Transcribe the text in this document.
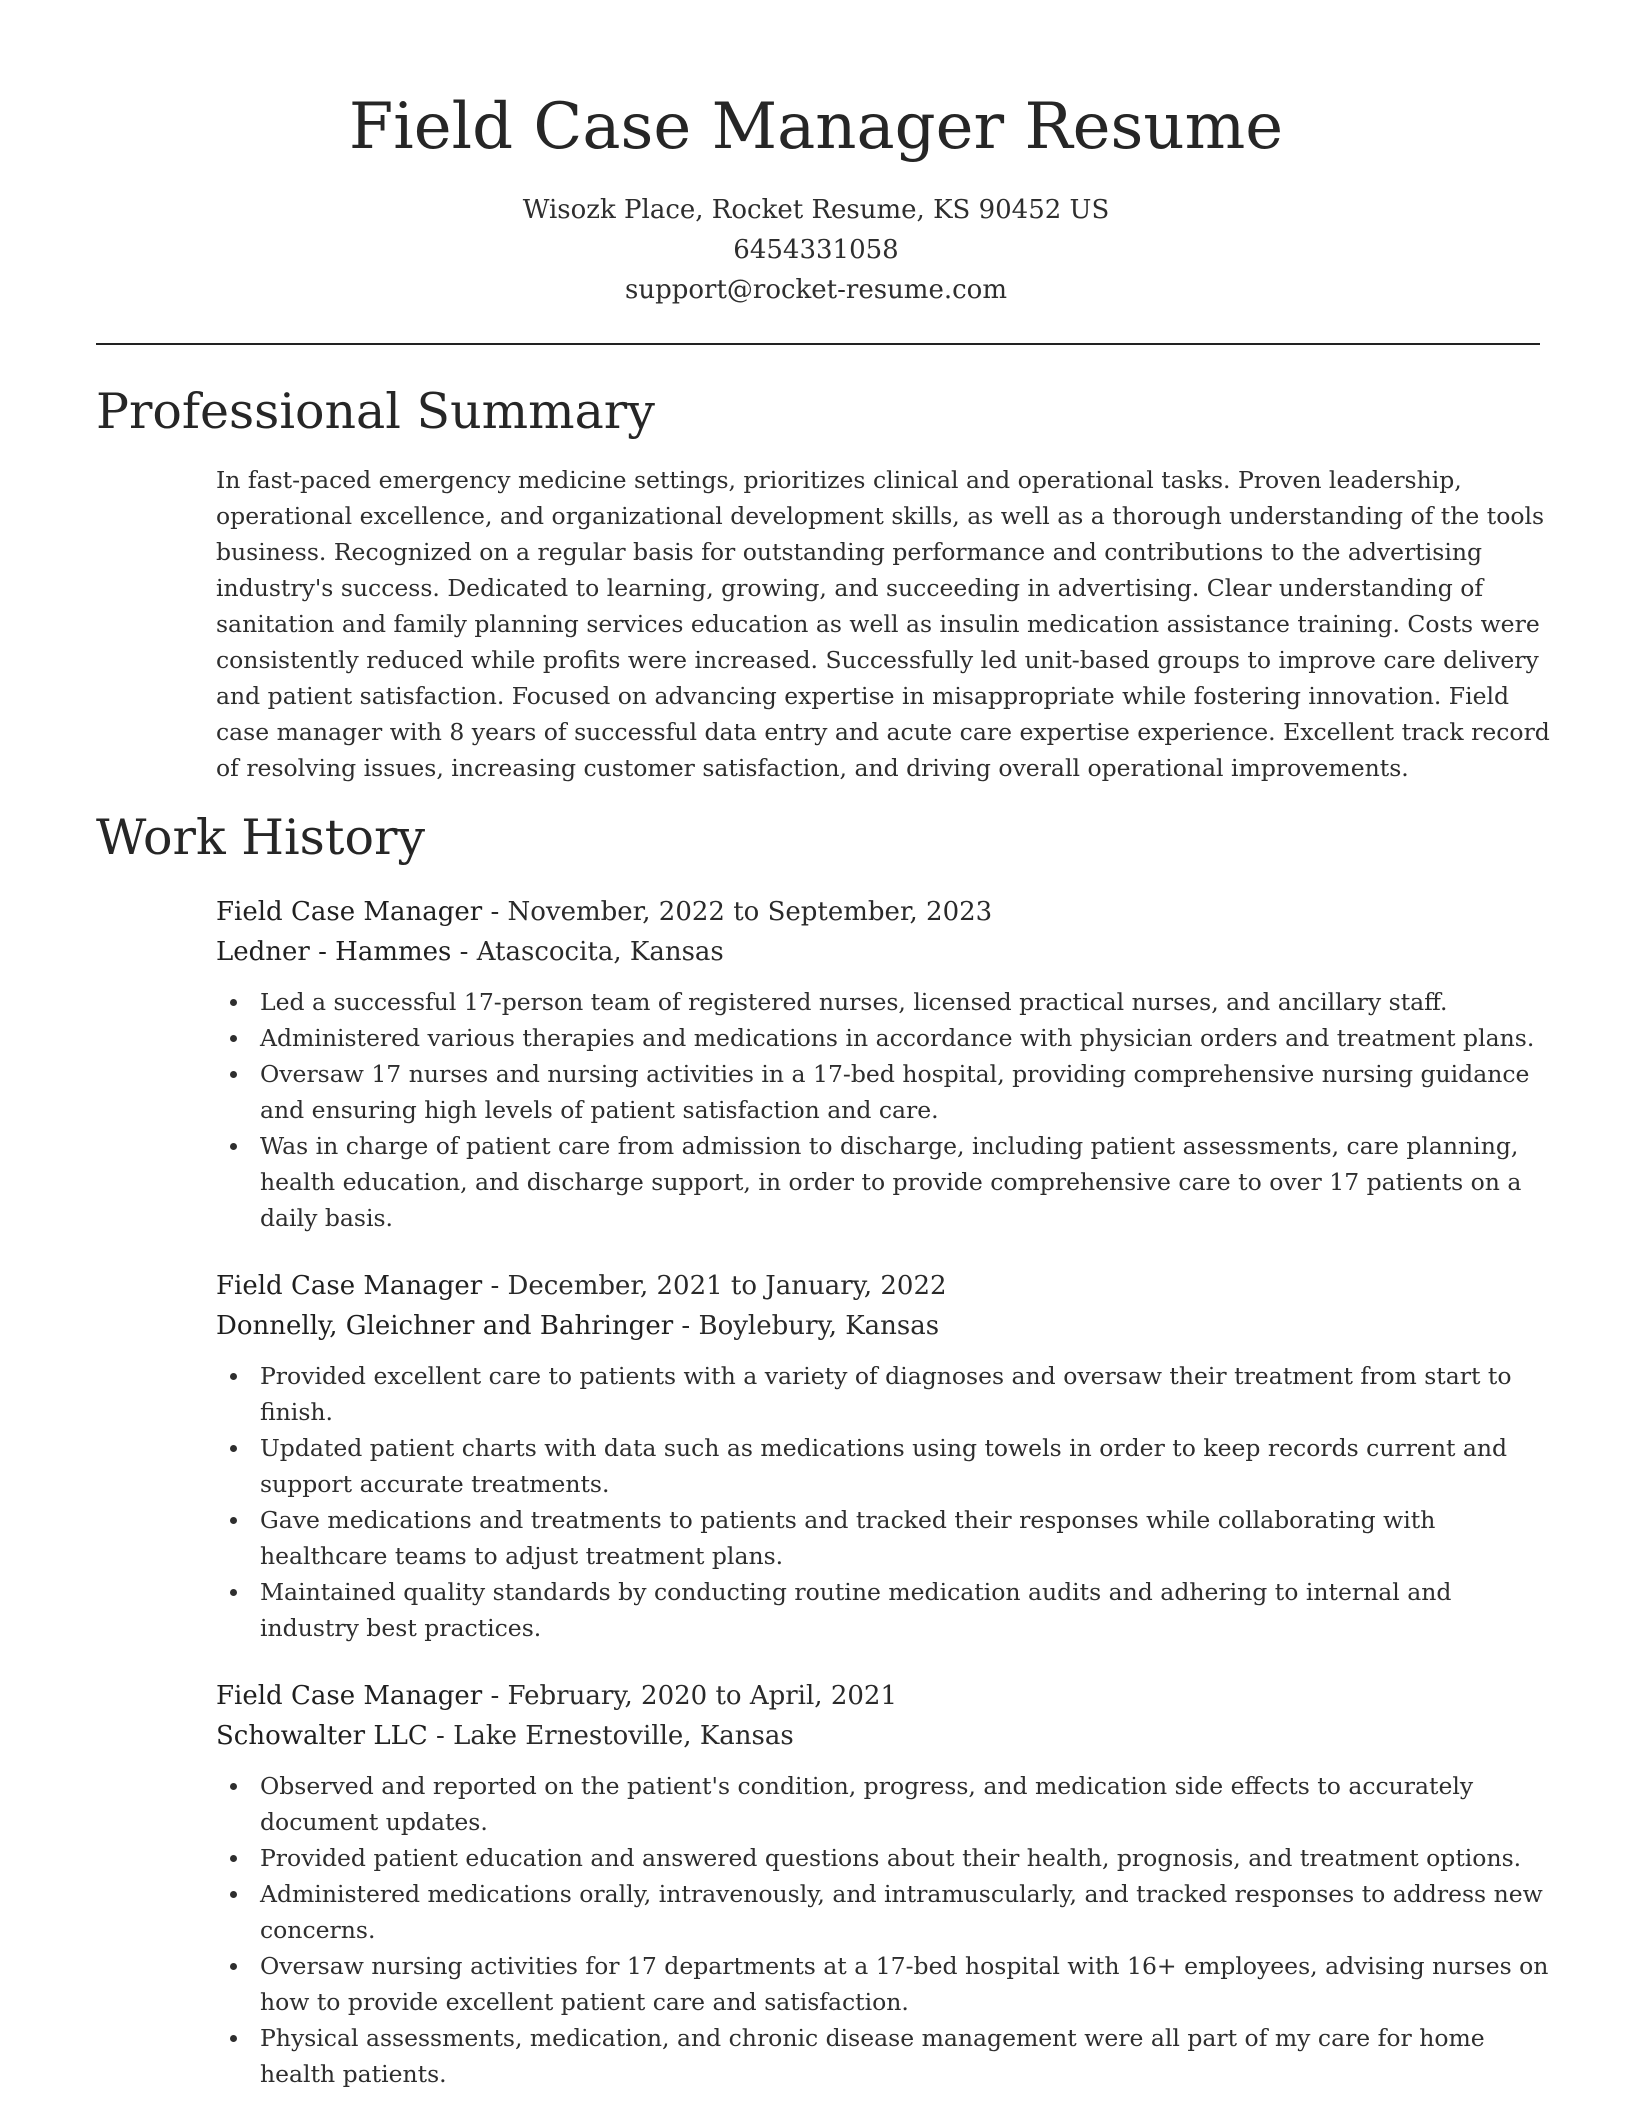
Field Case Manager Resume
Wisozk Place, Rocket Resume, KS 90452 US
6454331058
support@rocket-resume.com
Professional Summary

In fast-paced emergency medicine settings, prioritizes clinical and operational tasks. Proven leadership, operational excellence, and organizational development skills, as well as a thorough understanding of the tools business. Recognized on a regular basis for outstanding performance and contributions to the advertising industry's success. Dedicated to learning, growing, and succeeding in advertising. Clear understanding of sanitation and family planning services education as well as insulin medication assistance training. Costs were consistently reduced while profits were increased. Successfully led unit-based groups to improve care delivery and patient satisfaction. Focused on advancing expertise in misappropriate while fostering innovation. Field case manager with 8 years of successful data entry and acute care expertise experience. Excellent track record of resolving issues, increasing customer satisfaction, and driving overall operational improvements.

Work History
Field Case Manager - November, 2022 to September, 2023
Ledner - Hammes - Atascocita, Kansas
Led a successful 17-person team of registered nurses, licensed practical nurses, and ancillary staff.
Administered various therapies and medications in accordance with physician orders and treatment plans.
Oversaw 17 nurses and nursing activities in a 17-bed hospital, providing comprehensive nursing guidance and ensuring high levels of patient satisfaction and care.
Was in charge of patient care from admission to discharge, including patient assessments, care planning, health education, and discharge support, in order to provide comprehensive care to over 17 patients on a daily basis.
Field Case Manager - December, 2021 to January, 2022
Donnelly, Gleichner and Bahringer - Boylebury, Kansas
Provided excellent care to patients with a variety of diagnoses and oversaw their treatment from start to finish.
Updated patient charts with data such as medications using towels in order to keep records current and support accurate treatments.
Gave medications and treatments to patients and tracked their responses while collaborating with healthcare teams to adjust treatment plans.
Maintained quality standards by conducting routine medication audits and adhering to internal and industry best practices.
Field Case Manager - February, 2020 to April, 2021
Schowalter LLC - Lake Ernestoville, Kansas
Observed and reported on the patient's condition, progress, and medication side effects to accurately document updates.
Provided patient education and answered questions about their health, prognosis, and treatment options.
Administered medications orally, intravenously, and intramuscularly, and tracked responses to address new concerns.
Oversaw nursing activities for 17 departments at a 17-bed hospital with 16+ employees, advising nurses on how to provide excellent patient care and satisfaction.
Physical assessments, medication, and chronic disease management were all part of my care for home health patients.
